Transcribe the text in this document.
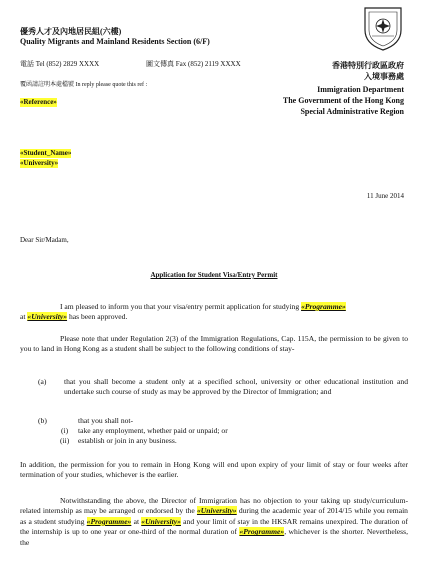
優秀人才及內地居民組(六樓)
Quality Migrants and Mainland Residents Section (6/F)
電話 Tel (852) 2829 XXXX	圖文傳真 Fax (852) 2119 XXXX	香港特別行政區政府
入境事務處
Immigration Department
The Government of the Hong Kong
Special Administrative Region
覆函請註明本處檔號 In reply please quote this ref :
«Reference»
«Student_Name»
«University»
11 June 2014
Dear Sir/Madam,
Application for Student Visa/Entry Permit
I am pleased to inform you that your visa/entry permit application for studying «Programme»
at «University» has been approved.
Please note that under Regulation 2(3) of the Immigration Regulations, Cap. 115A, the permission to be given to you to land in Hong Kong as a student shall be subject to the following conditions of stay-
(a) that you shall become a student only at a specified school, university or other educational institution and undertake such course of study as may be approved by the Director of Immigration; and
(b)	that you shall not-
(i) take any employment, whether paid or unpaid; or
(ii) establish or join in any business.
In addition, the permission for you to remain in Hong Kong will end upon expiry of your limit of stay or four weeks after termination of your studies, whichever is the earlier.
Notwithstanding the above, the Director of Immigration has no objection to your taking up study/curriculum-related internship as may be arranged or endorsed by the «University» during the academic year of 2014/15 while you remain as a student studying «Programme» at «University» and your limit of stay in the HKSAR remains unexpired. The duration of the internship is up to one year or one-third of the normal duration of «Programme», whichever is the shorter. Nevertheless, the
